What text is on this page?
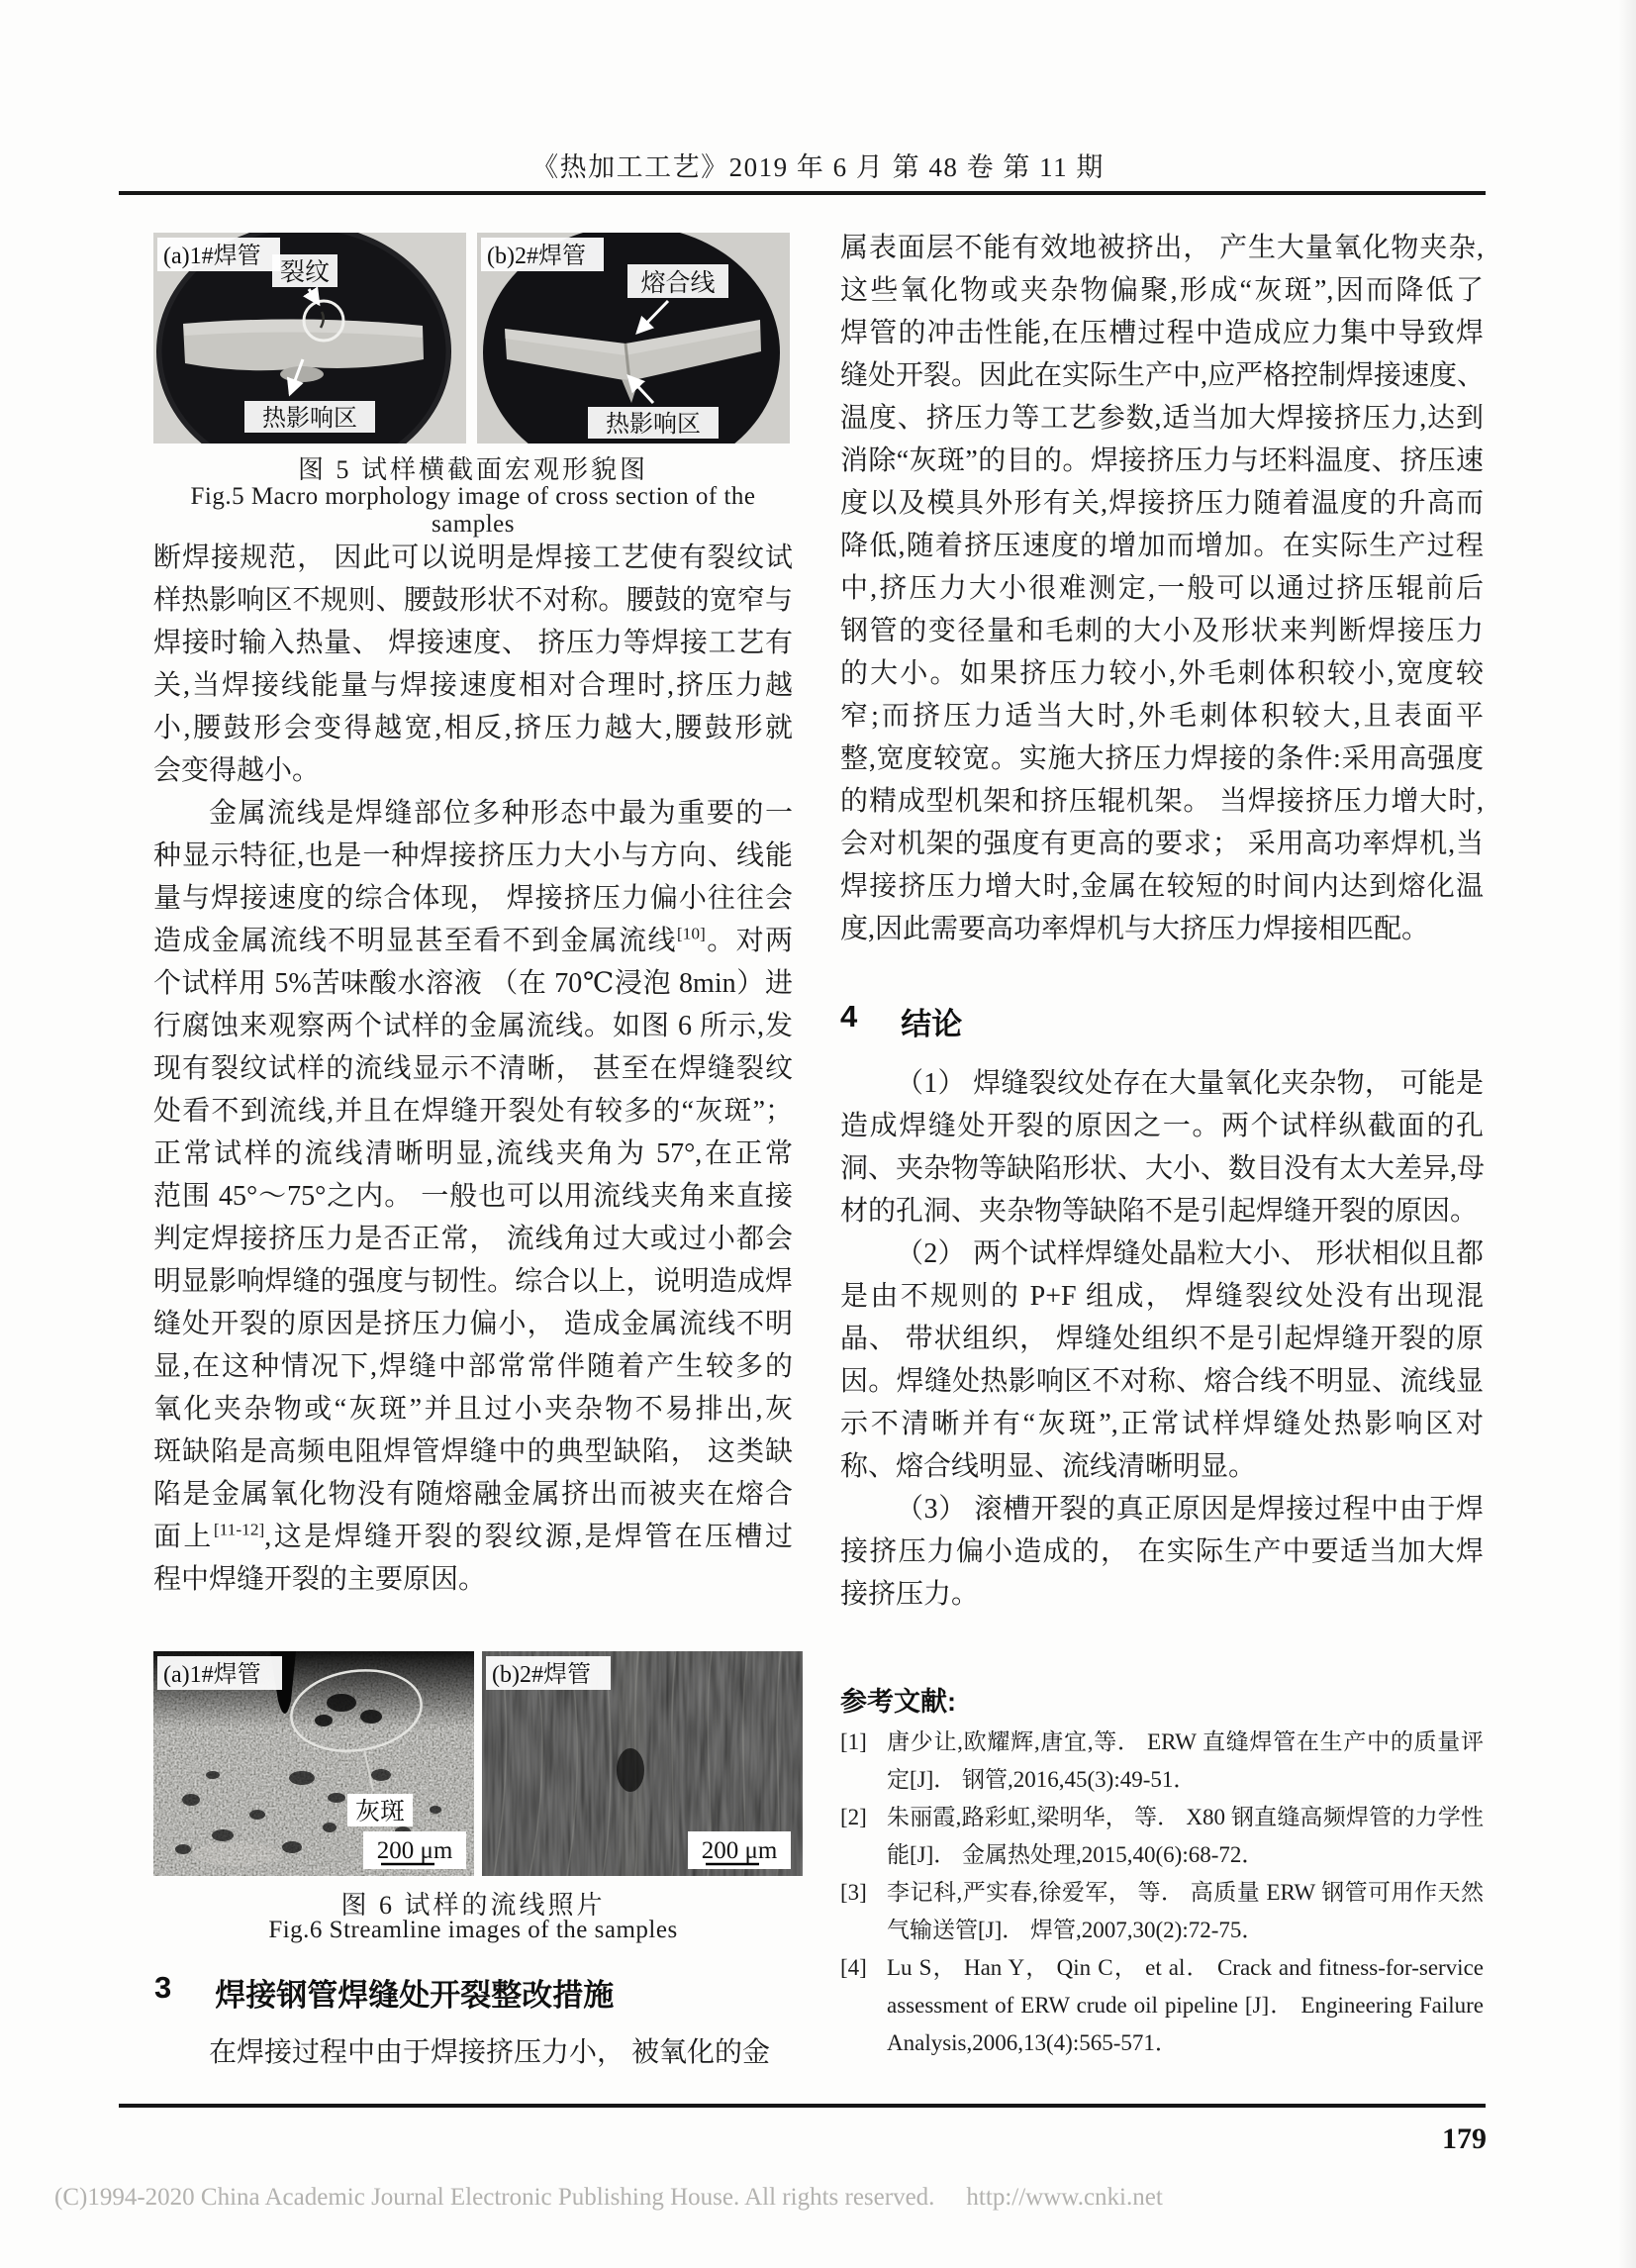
《热加工工艺》2019 年 6 月 第 48 卷 第 11 期
裂纹
热影响区
(a)1#焊管
熔合线
热影响区
(b)2#焊管
图 5 试样横截面宏观形貌图
Fig.5 Macro morphology image of cross section of the samples
断焊接规范， 因此可以说明是焊接工艺使有裂纹试
样热影响区不规则、腰鼓形状不对称。腰鼓的宽窄与
焊接时输入热量、 焊接速度、 挤压力等焊接工艺有
关,当焊接线能量与焊接速度相对合理时,挤压力越
小,腰鼓形会变得越宽,相反,挤压力越大,腰鼓形就
会变得越小。
金属流线是焊缝部位多种形态中最为重要的一
种显示特征,也是一种焊接挤压力大小与方向、线能
量与焊接速度的综合体现， 焊接挤压力偏小往往会
造成金属流线不明显甚至看不到金属流线[10]。对两
个试样用 5%苦味酸水溶液 （在 70℃浸泡 8min）进
行腐蚀来观察两个试样的金属流线。如图 6 所示,发
现有裂纹试样的流线显示不清晰， 甚至在焊缝裂纹
处看不到流线,并且在焊缝开裂处有较多的“灰斑”；
正常试样的流线清晰明显,流线夹角为 57°,在正常
范围 45°～75°之内。 一般也可以用流线夹角来直接
判定焊接挤压力是否正常， 流线角过大或过小都会
明显影响焊缝的强度与韧性。综合以上，说明造成焊
缝处开裂的原因是挤压力偏小， 造成金属流线不明
显,在这种情况下,焊缝中部常常伴随着产生较多的
氧化夹杂物或“灰斑”并且过小夹杂物不易排出,灰
斑缺陷是高频电阻焊管焊缝中的典型缺陷， 这类缺
陷是金属氧化物没有随熔融金属挤出而被夹在熔合
面上[11-12],这是焊缝开裂的裂纹源,是焊管在压槽过
程中焊缝开裂的主要原因。
灰斑
(a)1#焊管
200 μm
(b)2#焊管
200 μm
图 6 试样的流线照片
Fig.6 Streamline images of the samples
3 焊接钢管焊缝处开裂整改措施
在焊接过程中由于焊接挤压力小， 被氧化的金
属表面层不能有效地被挤出， 产生大量氧化物夹杂,
这些氧化物或夹杂物偏聚,形成“灰斑”,因而降低了
焊管的冲击性能,在压槽过程中造成应力集中导致焊
缝处开裂。因此在实际生产中,应严格控制焊接速度、
温度、挤压力等工艺参数,适当加大焊接挤压力,达到
消除“灰斑”的目的。焊接挤压力与坯料温度、挤压速
度以及模具外形有关,焊接挤压力随着温度的升高而
降低,随着挤压速度的增加而增加。在实际生产过程
中,挤压力大小很难测定,一般可以通过挤压辊前后
钢管的变径量和毛刺的大小及形状来判断焊接压力
的大小。如果挤压力较小,外毛刺体积较小,宽度较
窄;而挤压力适当大时,外毛刺体积较大,且表面平
整,宽度较宽。实施大挤压力焊接的条件:采用高强度
的精成型机架和挤压辊机架。 当焊接挤压力增大时,
会对机架的强度有更高的要求； 采用高功率焊机,当
焊接挤压力增大时,金属在较短的时间内达到熔化温
度,因此需要高功率焊机与大挤压力焊接相匹配。
4 结论
（1） 焊缝裂纹处存在大量氧化夹杂物， 可能是
造成焊缝处开裂的原因之一。两个试样纵截面的孔
洞、夹杂物等缺陷形状、大小、数目没有太大差异,母
材的孔洞、夹杂物等缺陷不是引起焊缝开裂的原因。
（2） 两个试样焊缝处晶粒大小、 形状相似且都
是由不规则的 P+F 组成， 焊缝裂纹处没有出现混
晶、 带状组织， 焊缝处组织不是引起焊缝开裂的原
因。焊缝处热影响区不对称、熔合线不明显、流线显
示不清晰并有“灰斑”,正常试样焊缝处热影响区对
称、熔合线明显、流线清晰明显。
（3） 滚槽开裂的真正原因是焊接过程中由于焊
接挤压力偏小造成的， 在实际生产中要适当加大焊
接挤压力。
参考文献:
[1] 唐少让,欧耀辉,唐宜,等． ERW 直缝焊管在生产中的质量评
定[J]． 钢管,2016,45(3):49-51．
[2] 朱丽霞,路彩虹,梁明华， 等． X80 钢直缝高频焊管的力学性
能[J]． 金属热处理,2015,40(6):68-72．
[3] 李记科,严实春,徐爱军， 等． 高质量 ERW 钢管可用作天然
气输送管[J]． 焊管,2007,30(2):72-75．
[4] Lu S， Han Y， Qin C， et al． Crack and fitness-for-service
assessment of ERW crude oil pipeline [J]． Engineering Failure
Analysis,2006,13(4):565-571．
179
(C)1994-2020 China Academic Journal Electronic Publishing House. All rights reserved. http://www.cnki.net
